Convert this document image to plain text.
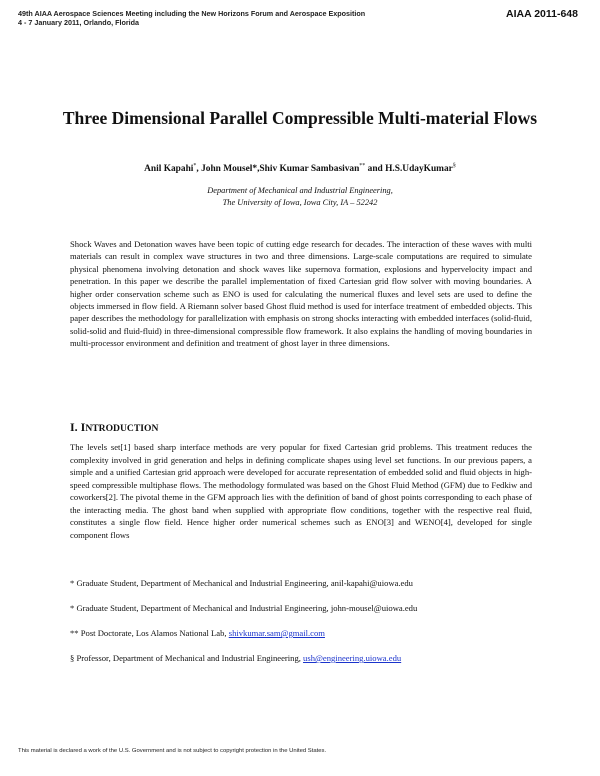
49th AIAA Aerospace Sciences Meeting including the New Horizons Forum and Aerospace Exposition
4 - 7 January 2011, Orlando, Florida
AIAA 2011-648
Three Dimensional Parallel Compressible Multi-material Flows
Anil Kapahi*, John Mousel*,Shiv Kumar Sambasivan** and H.S.UdayKumar§
Department of Mechanical and Industrial Engineering,
The University of Iowa, Iowa City, IA – 52242

Shock Waves and Detonation waves have been topic of cutting edge research for decades. The interaction of these waves with multi materials can result in complex wave structures in two and three dimensions. Large-scale computations are required to simulate physical phenomena involving detonation and shock waves like supernova formation, explosions and hypervelocity impact and penetration. In this paper we describe the parallel implementation of fixed Cartesian grid flow solver with moving boundaries. A higher order conservation scheme such as ENO is used for calculating the numerical fluxes and level sets are used to define the objects immersed in flow field. A Riemann solver based Ghost fluid method is used for interface treatment of embedded objects. This paper describes the methodology for parallelization with emphasis on strong shocks interacting with embedded interfaces (solid-fluid, solid-solid and fluid-fluid) in three-dimensional compressible flow framework. It also explains the handling of moving boundaries in multi-processor environment and definition and treatment of ghost layer in three dimensions.

I. INTRODUCTION

The levels set[1] based sharp interface methods are very popular for fixed Cartesian grid problems. This treatment reduces the complexity involved in grid generation and helps in defining complicate shapes using level set functions. In our previous papers, a simple and a unified Cartesian grid approach were developed for accurate representation of embedded solid and fluid objects in high-speed compressible multiphase flows. The methodology formulated was based on the Ghost Fluid Method (GFM) due to Fedkiw and coworkers[2]. The pivotal theme in the GFM approach lies with the definition of band of ghost points corresponding to each phase of the interacting media. The ghost band when supplied with appropriate flow conditions, together with the respective real fluid, constitutes a single flow field. Hence higher order numerical schemes such as ENO[3] and WENO[4], developed for single component flows

* Graduate Student, Department of Mechanical and Industrial Engineering, anil-kapahi@uiowa.edu

* Graduate Student, Department of Mechanical and Industrial Engineering, john-mousel@uiowa.edu

** Post Doctorate, Los Alamos National Lab, shivkumar.sam@gmail.com

§ Professor, Department of Mechanical and Industrial Engineering, ush@engineering.uiowa.edu

This material is declared a work of the U.S. Government and is not subject to copyright protection in the United States.
